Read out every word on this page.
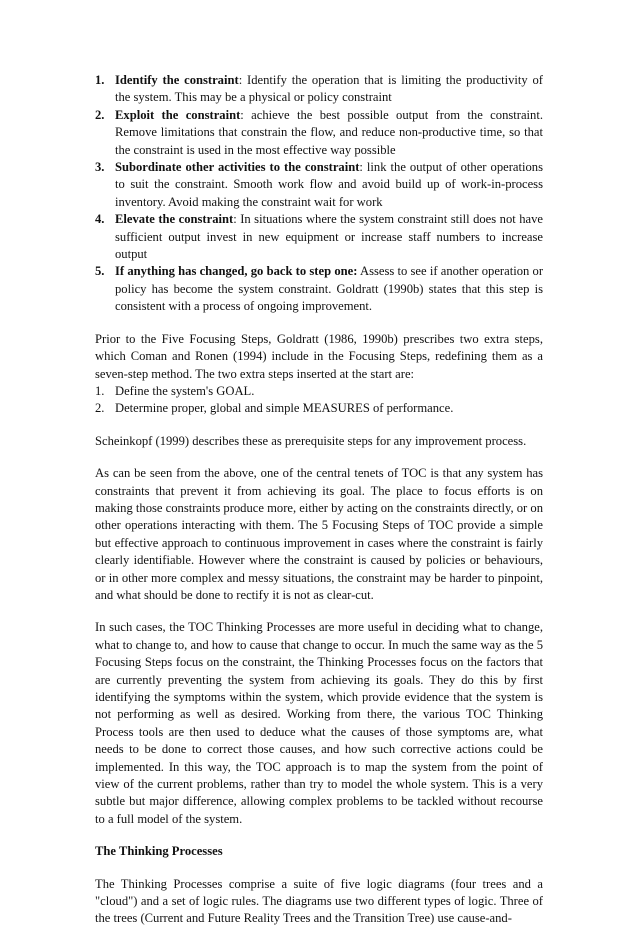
1. Identify the constraint: Identify the operation that is limiting the productivity of the system. This may be a physical or policy constraint
2. Exploit the constraint: achieve the best possible output from the constraint. Remove limitations that constrain the flow, and reduce non-productive time, so that the constraint is used in the most effective way possible
3. Subordinate other activities to the constraint: link the output of other operations to suit the constraint. Smooth work flow and avoid build up of work-in-process inventory. Avoid making the constraint wait for work
4. Elevate the constraint: In situations where the system constraint still does not have sufficient output invest in new equipment or increase staff numbers to increase output
5. If anything has changed, go back to step one: Assess to see if another operation or policy has become the system constraint. Goldratt (1990b) states that this step is consistent with a process of ongoing improvement.

Prior to the Five Focusing Steps, Goldratt (1986, 1990b) prescribes two extra steps, which Coman and Ronen (1994) include in the Focusing Steps, redefining them as a seven-step method. The two extra steps inserted at the start are:

1. Define the system's GOAL.
2. Determine proper, global and simple MEASURES of performance.

Scheinkopf (1999) describes these as prerequisite steps for any improvement process.

As can be seen from the above, one of the central tenets of TOC is that any system has constraints that prevent it from achieving its goal. The place to focus efforts is on making those constraints produce more, either by acting on the constraints directly, or on other operations interacting with them. The 5 Focusing Steps of TOC provide a simple but effective approach to continuous improvement in cases where the constraint is fairly clearly identifiable. However where the constraint is caused by policies or behaviours, or in other more complex and messy situations, the constraint may be harder to pinpoint, and what should be done to rectify it is not as clear-cut.

In such cases, the TOC Thinking Processes are more useful in deciding what to change, what to change to, and how to cause that change to occur. In much the same way as the 5 Focusing Steps focus on the constraint, the Thinking Processes focus on the factors that are currently preventing the system from achieving its goals. They do this by first identifying the symptoms within the system, which provide evidence that the system is not performing as well as desired. Working from there, the various TOC Thinking Process tools are then used to deduce what the causes of those symptoms are, what needs to be done to correct those causes, and how such corrective actions could be implemented. In this way, the TOC approach is to map the system from the point of view of the current problems, rather than try to model the whole system. This is a very subtle but major difference, allowing complex problems to be tackled without recourse to a full model of the system.

The Thinking Processes

The Thinking Processes comprise a suite of five logic diagrams (four trees and a "cloud") and a set of logic rules. The diagrams use two different types of logic. Three of the trees (Current and Future Reality Trees and the Transition Tree) use cause-and-
